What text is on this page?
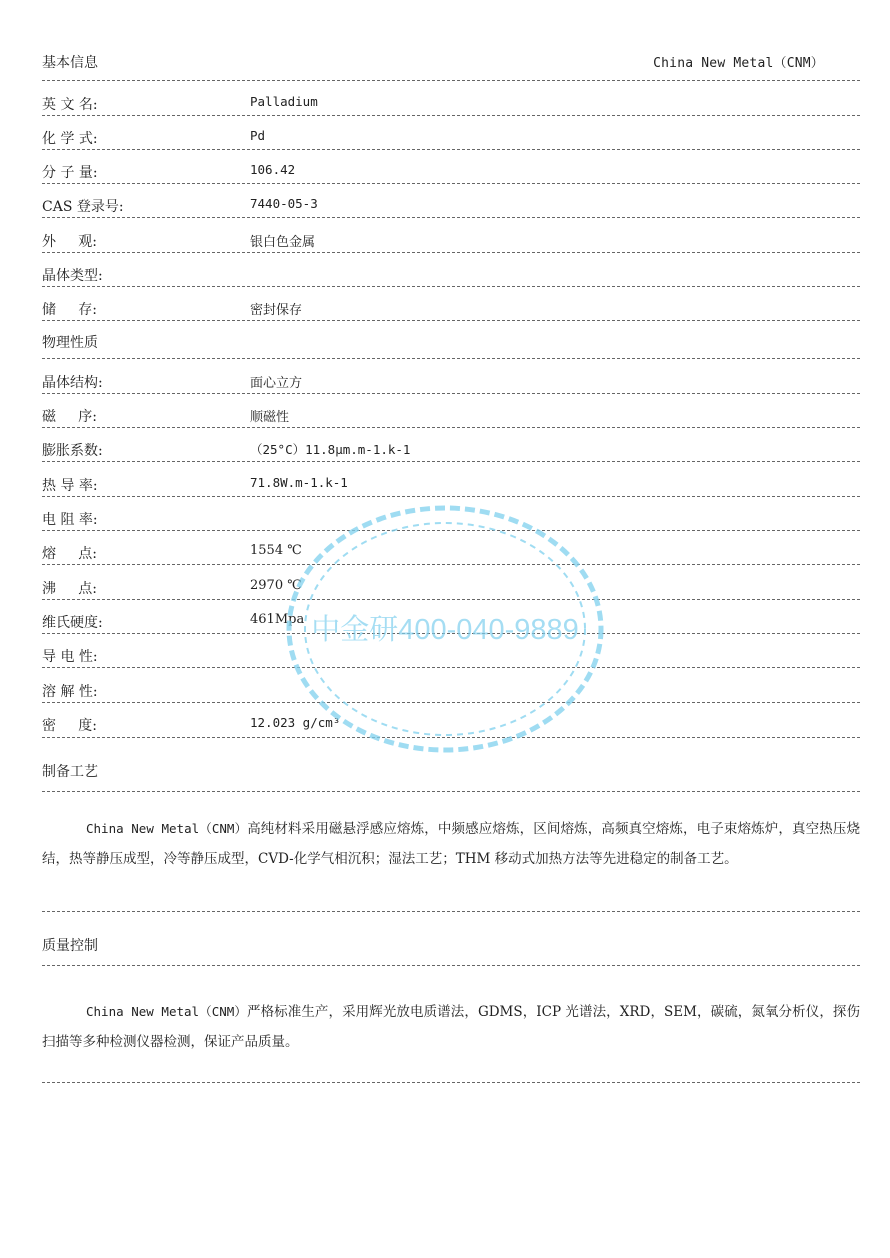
基本信息	China New Metal（CNM）
英 文 名:	Palladium
化 学 式:	Pd
分 子 量:	106.42
CAS 登录号:	7440-05-3
外     观:	银白色金属
晶体类型:
储     存:	密封保存
物理性质
晶体结构:	面心立方
磁     序:	顺磁性
膨胀系数:	（25°C）11.8μm.m-1.k-1
热 导 率:	71.8W.m-1.k-1
电 阻 率:
熔     点:	1554 ℃
沸     点:	2970 ℃
维氏硬度:	461Mpa
导 电 性:
溶 解 性:
密     度:	12.023 g/cm³
制备工艺
China New Metal（CNM）高纯材料采用磁悬浮感应熔炼，中频感应熔炼，区间熔炼，高频真空熔炼，电子束熔炼炉，真空热压烧结，热等静压成型，冷等静压成型，CVD-化学气相沉积；湿法工艺；THM 移动式加热方法等先进稳定的制备工艺。
质量控制
China New Metal（CNM）严格标准生产，采用辉光放电质谱法，GDMS，ICP 光谱法，XRD，SEM，碳硫，氮氧分析仪，探伤扫描等多种检测仪器检测，保证产品质量。
中金研400-040-9889
